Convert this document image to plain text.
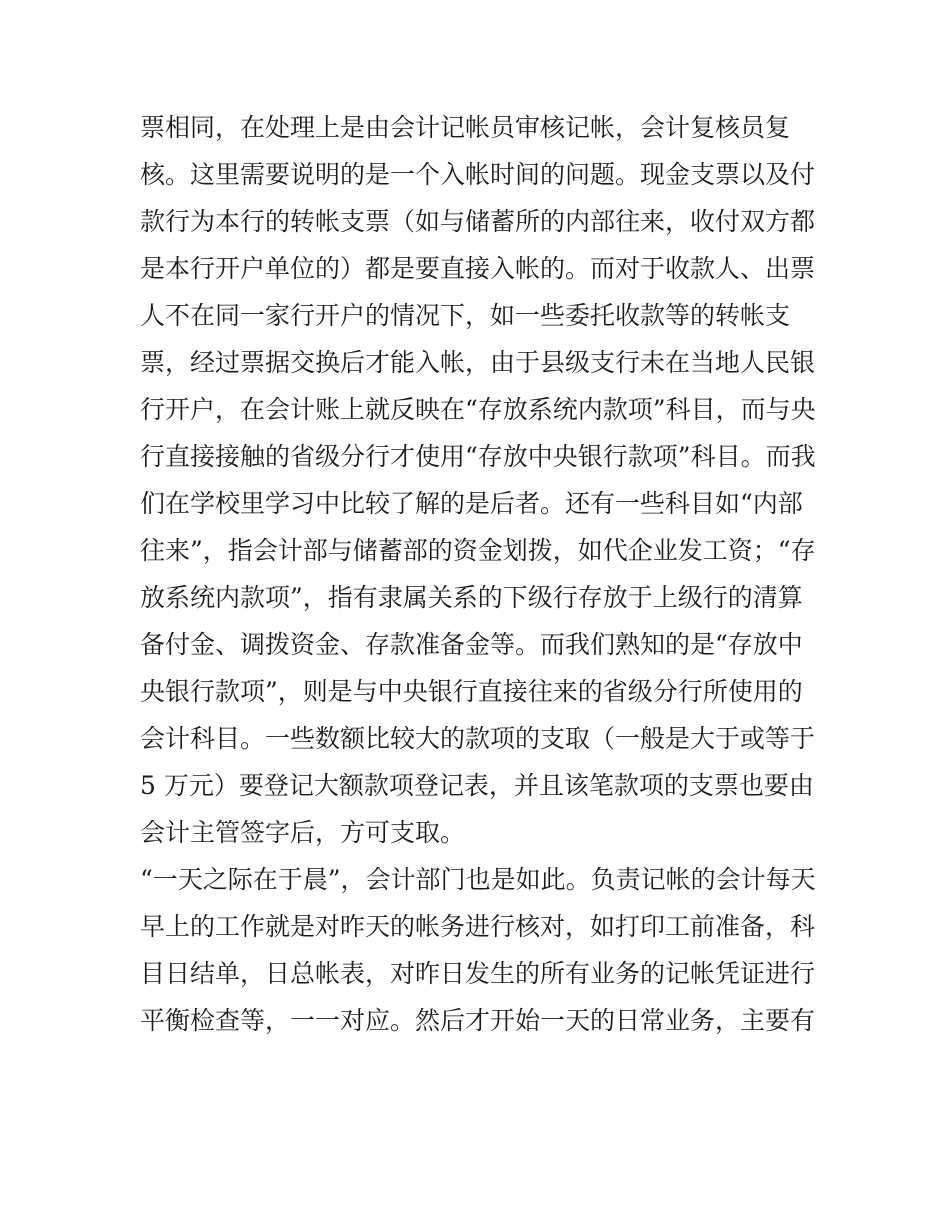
票相同，在处理上是由会计记帐员审核记帐，会计复核员复
核。这里需要说明的是一个入帐时间的问题。现金支票以及付
款行为本行的转帐支票（如与储蓄所的内部往来，收付双方都
是本行开户单位的）都是要直接入帐的。而对于收款人、出票
人不在同一家行开户的情况下，如一些委托收款等的转帐支
票，经过票据交换后才能入帐，由于县级支行未在当地人民银
行开户，在会计账上就反映在“存放系统内款项”科目，而与央
行直接接触的省级分行才使用“存放中央银行款项”科目。而我
们在学校里学习中比较了解的是后者。还有一些科目如“内部
往来”，指会计部与储蓄部的资金划拨，如代企业发工资；“存
放系统内款项”，指有隶属关系的下级行存放于上级行的清算
备付金、调拨资金、存款准备金等。而我们熟知的是“存放中
央银行款项”，则是与中央银行直接往来的省级分行所使用的
会计科目。一些数额比较大的款项的支取（一般是大于或等于
5 万元）要登记大额款项登记表，并且该笔款项的支票也要由
会计主管签字后，方可支取。
“一天之际在于晨”，会计部门也是如此。负责记帐的会计每天
早上的工作就是对昨天的帐务进行核对，如打印工前准备，科
目日结单，日总帐表，对昨日发生的所有业务的记帐凭证进行
平衡检查等，一一对应。然后才开始一天的日常业务，主要有
